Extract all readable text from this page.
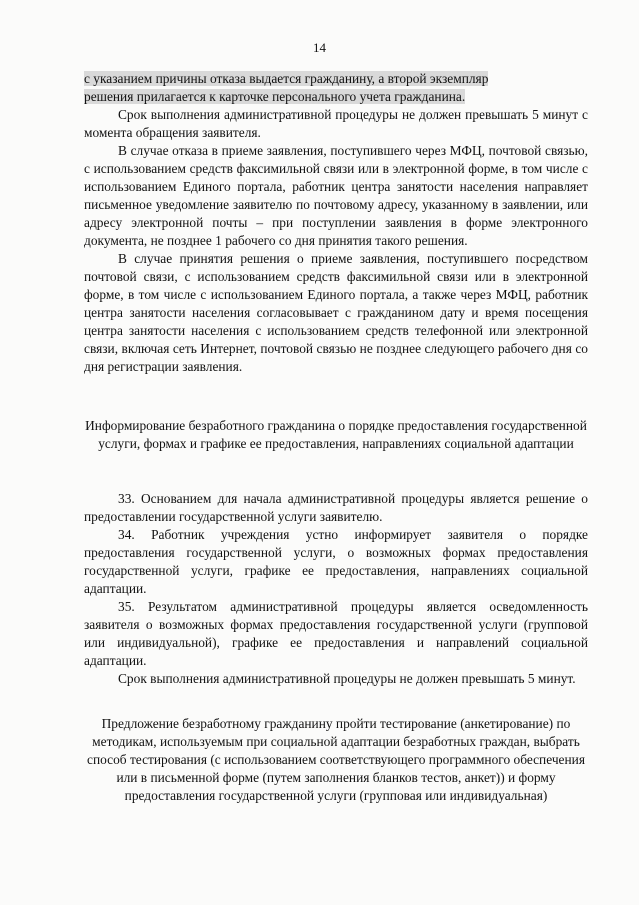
14

с указанием причины отказа выдается гражданину, а второй экземпляр
решения прилагается к карточке персонального учета гражданина.

Срок выполнения административной процедуры не должен превышать 5 минут с момента обращения заявителя.

В случае отказа в приеме заявления, поступившего через МФЦ, почтовой связью, с использованием средств факсимильной связи или в электронной форме, в том числе с использованием Единого портала, работник центра занятости населения направляет письменное уведомление заявителю по почтовому адресу, указанному в заявлении, или адресу электронной почты – при поступлении заявления в форме электронного документа, не позднее 1 рабочего со дня принятия такого решения.

В случае принятия решения о приеме заявления, поступившего посредством почтовой связи, с использованием средств факсимильной связи или в электронной форме, в том числе с использованием Единого портала, а также через МФЦ, работник центра занятости населения согласовывает с гражданином дату и время посещения центра занятости населения с использованием средств телефонной или электронной связи, включая сеть Интернет, почтовой связью не позднее следующего рабочего дня со дня регистрации заявления.

Информирование безработного гражданина о порядке предоставления государственной услуги, формах и графике ее предоставления, направлениях социальной адаптации

33. Основанием для начала административной процедуры является решение о предоставлении государственной услуги заявителю.

34. Работник учреждения устно информирует заявителя о порядке предоставления государственной услуги, о возможных формах предоставления государственной услуги, графике ее предоставления, направлениях социальной адаптации.

35. Результатом административной процедуры является осведомленность заявителя о возможных формах предоставления государственной услуги (групповой или индивидуальной), графике ее предоставления и направлений социальной адаптации.

Срок выполнения административной процедуры не должен превышать 5 минут.

Предложение безработному гражданину пройти тестирование (анкетирование) по методикам, используемым при социальной адаптации безработных граждан, выбрать способ тестирования (с использованием соответствующего программного обеспечения или в письменной форме (путем заполнения бланков тестов, анкет)) и форму предоставления государственной услуги (групповая или индивидуальная)
